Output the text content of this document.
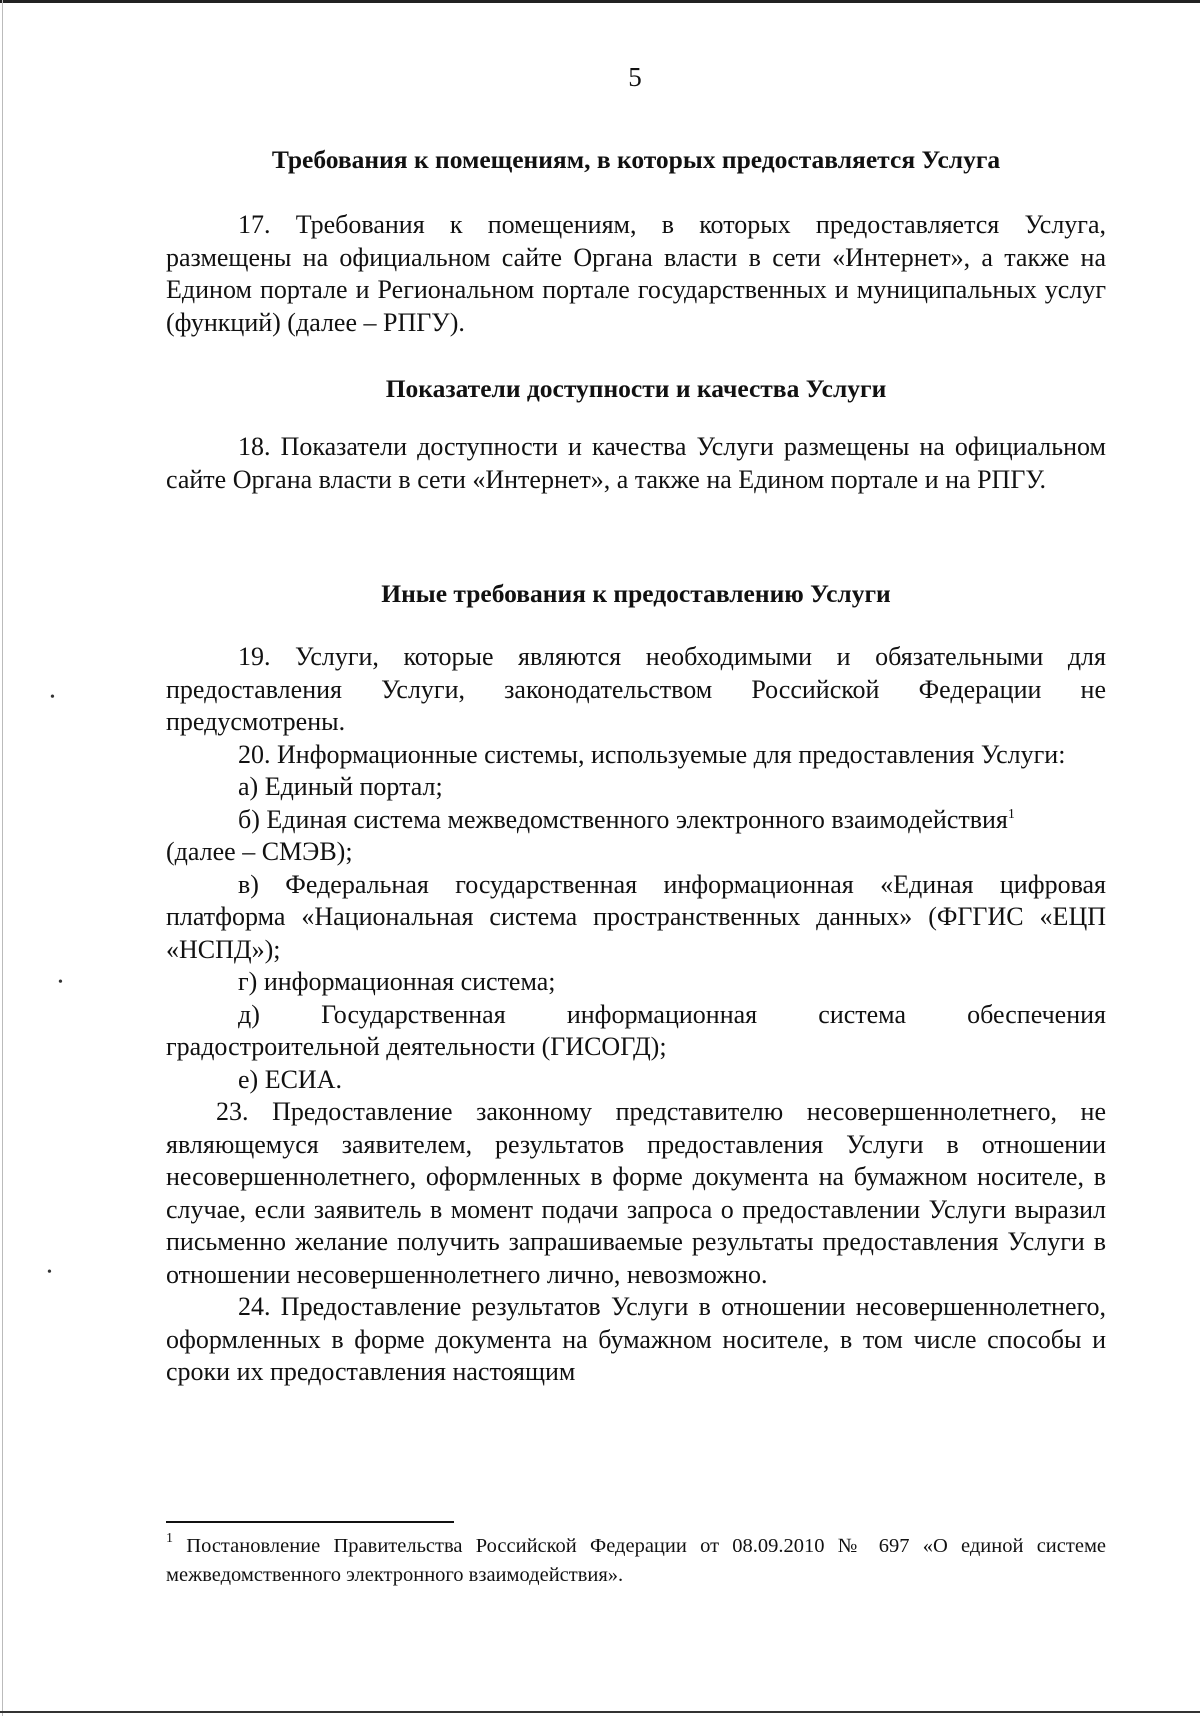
•
•
•
5
Требования к помещениям, в которых предоставляется Услуга

17. Требования к помещениям, в которых предоставляется Услуга, размещены на официальном сайте Органа власти в сети «Интернет», а также на Едином портале и Региональном портале государственных и муниципальных услуг (функций) (далее – РПГУ).

Показатели доступности и качества Услуги

18. Показатели доступности и качества Услуги размещены на официальном сайте Органа власти в сети «Интернет», а также на Едином портале и на РПГУ.

Иные требования к предоставлению Услуги

19. Услуги, которые являются необходимыми и обязательными для предоставления Услуги, законодательством Российской Федерации не предусмотрены.

20. Информационные системы, используемые для предоставления Услуги:

а) Единый портал;

б) Единая система межведомственного электронного взаимодействия$^1$

(далее – СМЭВ);

в) Федеральная государственная информационная «Единая цифровая платформа «Национальная система пространственных данных» (ФГГИС «ЕЦП «НСПД»);

г) информационная система;

д) Государственная информационная система обеспечения градостроительной деятельности (ГИСОГД);

е) ЕСИА.

23. Предоставление законному представителю несовершеннолетнего, не являющемуся заявителем, результатов предоставления Услуги в отношении несовершеннолетнего, оформленных в форме документа на бумажном носителе, в случае, если заявитель в момент подачи запроса о предоставлении Услуги выразил письменно желание получить запрашиваемые результаты предоставления Услуги в отношении несовершеннолетнего лично, невозможно.

24. Предоставление результатов Услуги в отношении несовершеннолетнего, оформленных в форме документа на бумажном носителе, в том числе способы и сроки их предоставления настоящим

$^1$ Постановление Правительства Российской Федерации от 08.09.2010 № 697 «О единой системе межведомственного электронного взаимодействия».
